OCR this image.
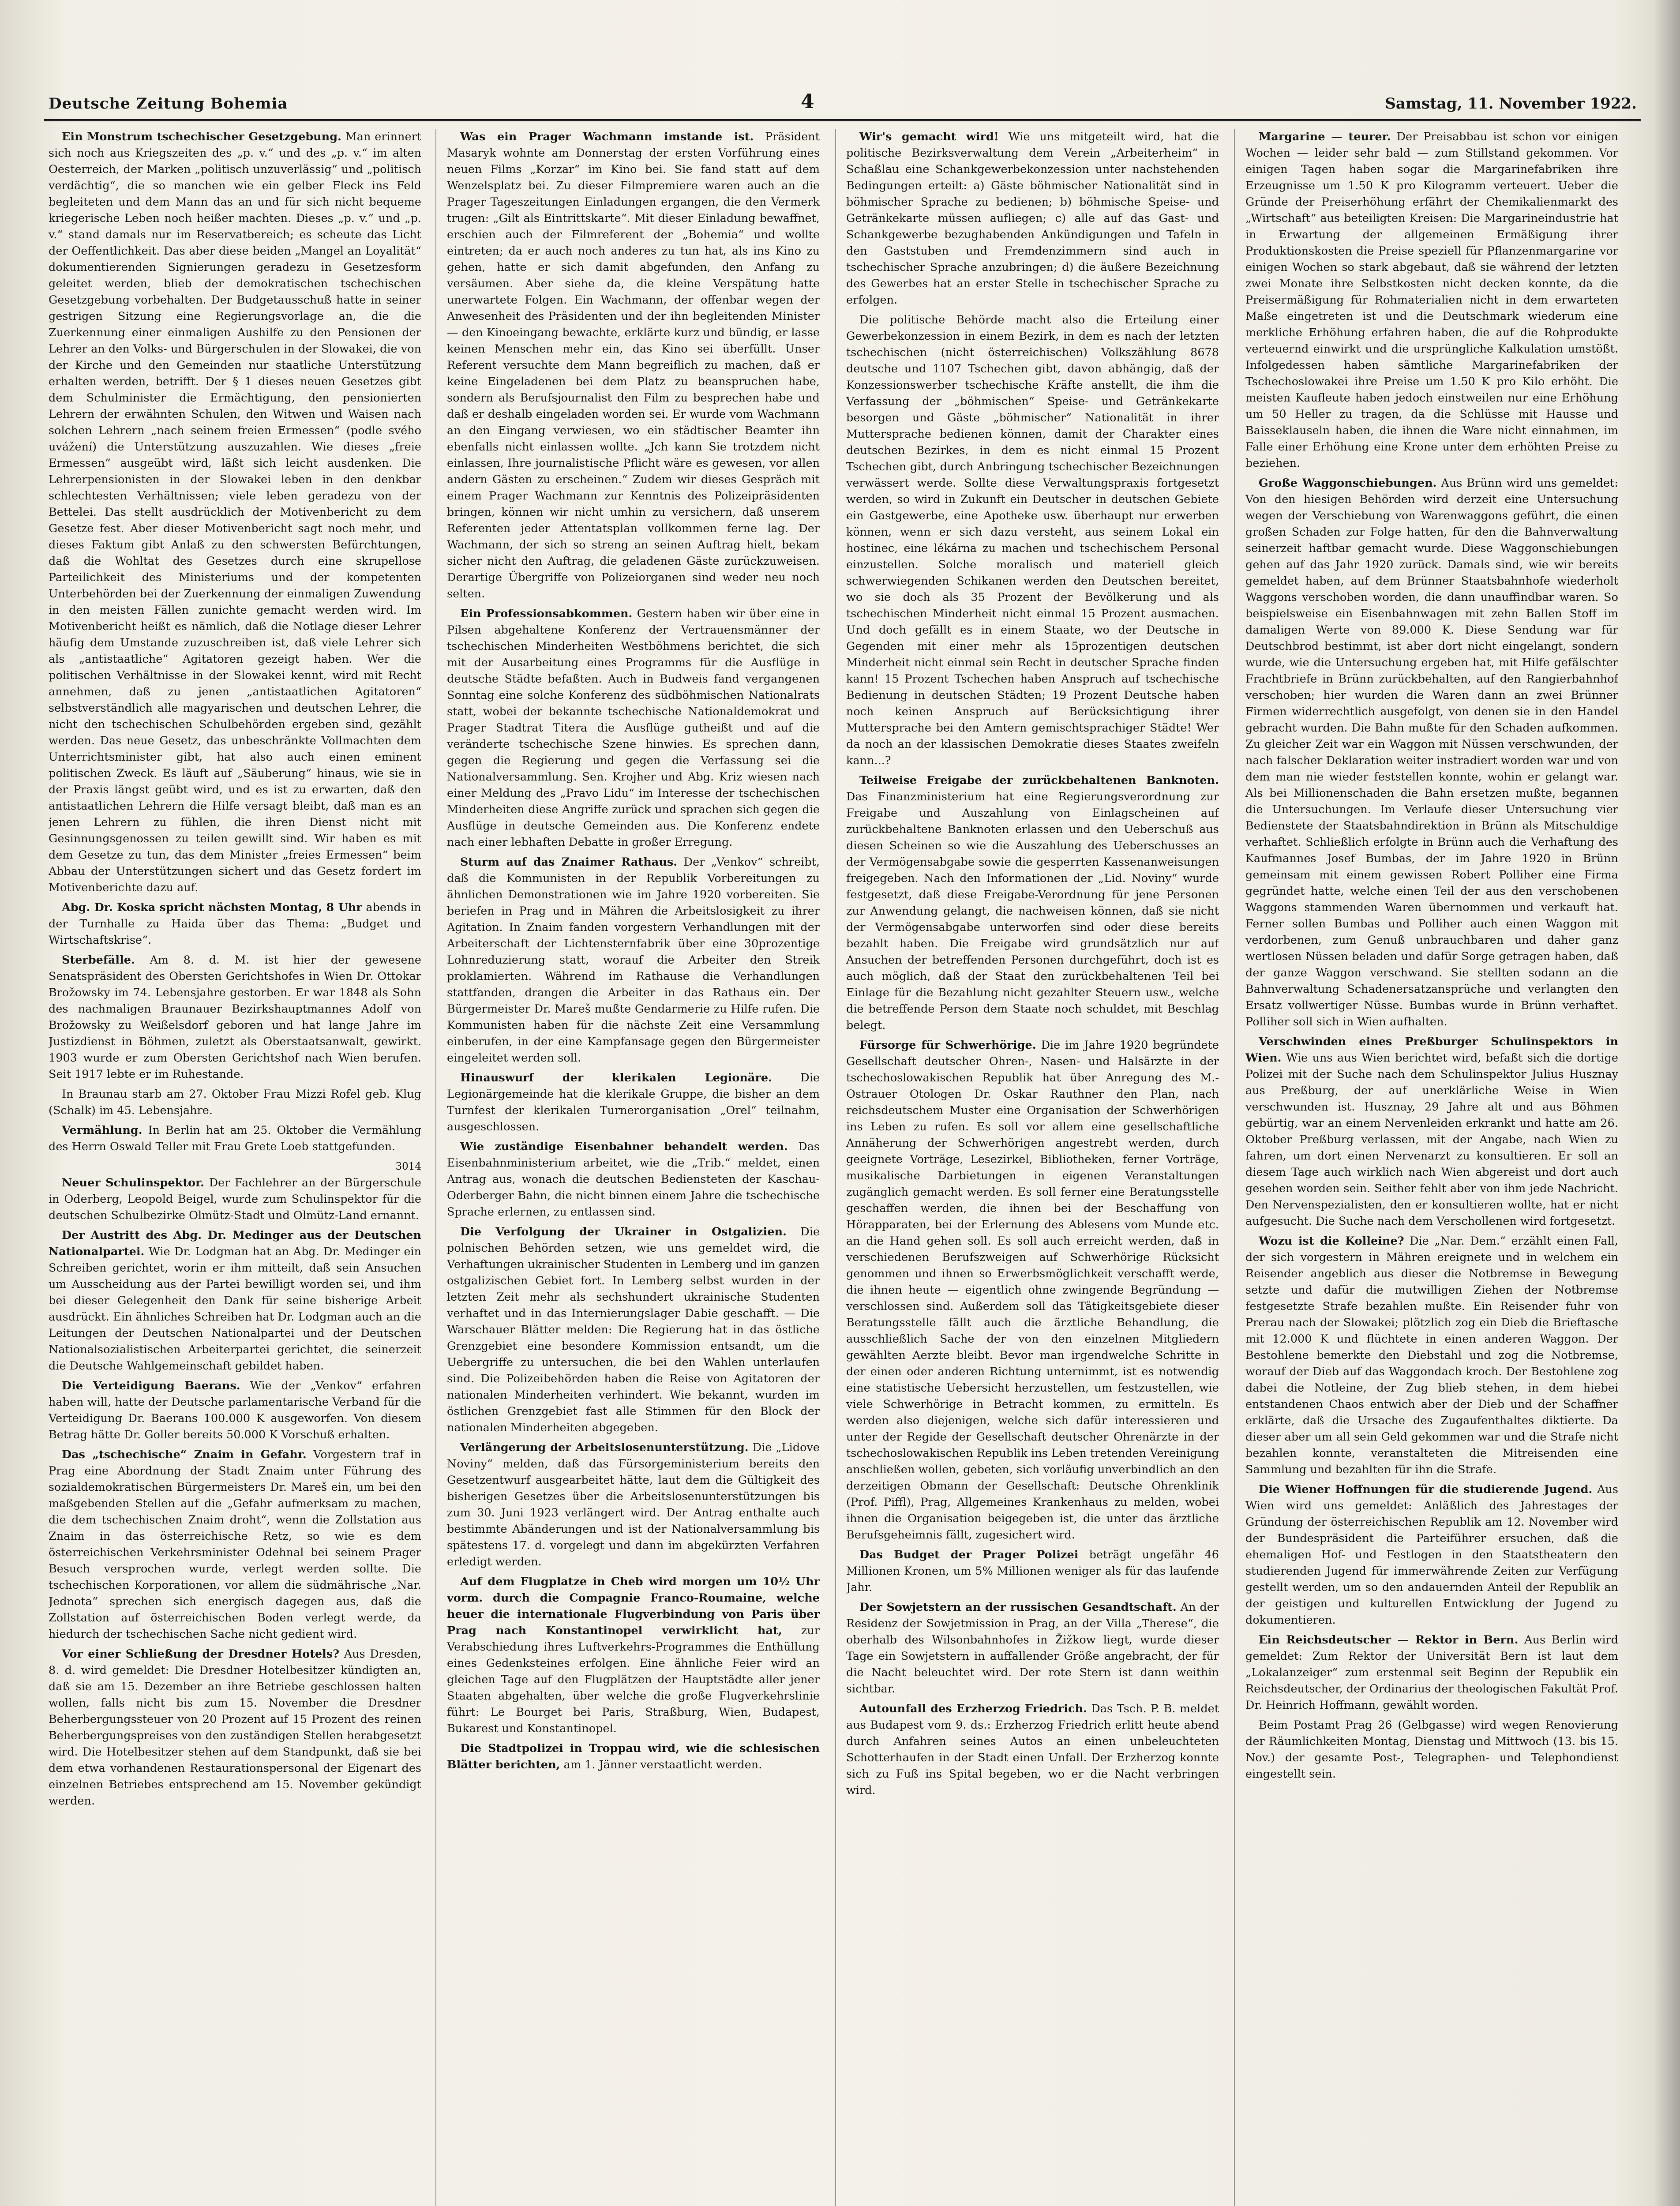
Deutsche Zeitung Bohemia	4	Samstag, 11. November 1922.

Ein Monstrum tschechischer Gesetzgebung. Man erinnert sich noch aus Kriegszeiten des „p. v.“ und des „p. v.“ im alten Oesterreich, der Marken „politisch unzuverlässig“ und „politisch verdächtig“, die so manchen wie ein gelber Fleck ins Feld begleiteten und dem Mann das an und für sich nicht bequeme kriegerische Leben noch heißer machten. Dieses „p. v.“ und „p. v.“ stand damals nur im Reservatbereich; es scheute das Licht der Oeffentlichkeit. Das aber diese beiden „Mangel an Loyalität“ dokumentierenden Signierungen geradezu in Gesetzesform geleitet werden, blieb der demokratischen tschechischen Gesetzgebung vorbehalten. Der Budgetausschuß hatte in seiner gestrigen Sitzung eine Regierungsvorlage an, die die Zuerkennung einer einmaligen Aushilfe zu den Pensionen der Lehrer an den Volks- und Bürgerschulen in der Slowakei, die von der Kirche und den Gemeinden nur staatliche Unterstützung erhalten werden, betrifft. Der § 1 dieses neuen Gesetzes gibt dem Schulminister die Ermächtigung, den pensionierten Lehrern der erwähnten Schulen, den Witwen und Waisen nach solchen Lehrern „nach seinem freien Ermessen“ (podle svého uvážení) die Unterstützung auszuzahlen. Wie dieses „freie Ermessen“ ausgeübt wird, läßt sich leicht ausdenken. Die Lehrerpensionisten in der Slowakei leben in den denkbar schlechtesten Verhältnissen; viele leben geradezu von der Bettelei. Das stellt ausdrücklich der Motivenbericht zu dem Gesetze fest. Aber dieser Motivenbericht sagt noch mehr, und dieses Faktum gibt Anlaß zu den schwersten Befürchtungen, daß die Wohltat des Gesetzes durch eine skrupellose Parteilichkeit des Ministeriums und der kompetenten Unterbehörden bei der Zuerkennung der einmaligen Zuwendung in den meisten Fällen zunichte gemacht werden wird. Im Motivenbericht heißt es nämlich, daß die Notlage dieser Lehrer häufig dem Umstande zuzuschreiben ist, daß viele Lehrer sich als „antistaatliche“ Agitatoren gezeigt haben. Wer die politischen Verhältnisse in der Slowakei kennt, wird mit Recht annehmen, daß zu jenen „antistaatlichen Agitatoren“ selbstverständlich alle magyarischen und deutschen Lehrer, die nicht den tschechischen Schulbehörden ergeben sind, gezählt werden. Das neue Gesetz, das unbeschränkte Vollmachten dem Unterrichtsminister gibt, hat also auch einen eminent politischen Zweck. Es läuft auf „Säuberung“ hinaus, wie sie in der Praxis längst geübt wird, und es ist zu erwarten, daß den antistaatlichen Lehrern die Hilfe versagt bleibt, daß man es an jenen Lehrern zu fühlen, die ihren Dienst nicht mit Gesinnungsgenossen zu teilen gewillt sind. Wir haben es mit dem Gesetze zu tun, das dem Minister „freies Ermessen“ beim Abbau der Unterstützungen sichert und das Gesetz fordert im Motivenberichte dazu auf.

Abg. Dr. Koska spricht nächsten Montag, 8 Uhr abends in der Turnhalle zu Haida über das Thema: „Budget und Wirtschaftskrise“.

Sterbefälle. Am 8. d. M. ist hier der gewesene Senatspräsident des Obersten Gerichtshofes in Wien Dr. Ottokar Brožowsky im 74. Lebensjahre gestorben. Er war 1848 als Sohn des nachmaligen Braunauer Bezirkshauptmannes Adolf von Brožowsky zu Weißelsdorf geboren und hat lange Jahre im Justizdienst in Böhmen, zuletzt als Oberstaatsanwalt, gewirkt. 1903 wurde er zum Obersten Gerichtshof nach Wien berufen. Seit 1917 lebte er im Ruhestande.

In Braunau starb am 27. Oktober Frau Mizzi Rofel geb. Klug (Schalk) im 45. Lebensjahre.

Vermählung. In Berlin hat am 25. Oktober die Vermählung des Herrn Oswald Teller mit Frau Grete Loeb stattgefunden.

3014

Neuer Schulinspektor. Der Fachlehrer an der Bürgerschule in Oderberg, Leopold Beigel, wurde zum Schulinspektor für die deutschen Schulbezirke Olmütz-Stadt und Olmütz-Land ernannt.

Der Austritt des Abg. Dr. Medinger aus der Deutschen Nationalpartei. Wie Dr. Lodgman hat an Abg. Dr. Medinger ein Schreiben gerichtet, worin er ihm mitteilt, daß sein Ansuchen um Ausscheidung aus der Partei bewilligt worden sei, und ihm bei dieser Gelegenheit den Dank für seine bisherige Arbeit ausdrückt. Ein ähnliches Schreiben hat Dr. Lodgman auch an die Leitungen der Deutschen Nationalpartei und der Deutschen Nationalsozialistischen Arbeiterpartei gerichtet, die seinerzeit die Deutsche Wahlgemeinschaft gebildet haben.

Die Verteidigung Baerans. Wie der „Venkov“ erfahren haben will, hatte der Deutsche parlamentarische Verband für die Verteidigung Dr. Baerans 100.000 K ausgeworfen. Von diesem Betrag hätte Dr. Goller bereits 50.000 K Vorschuß erhalten.

Das „tschechische“ Znaim in Gefahr. Vorgestern traf in Prag eine Abordnung der Stadt Znaim unter Führung des sozialdemokratischen Bürgermeisters Dr. Mareš ein, um bei den maßgebenden Stellen auf die „Gefahr aufmerksam zu machen, die dem tschechischen Znaim droht“, wenn die Zollstation aus Znaim in das österreichische Retz, so wie es dem österreichischen Verkehrsminister Odehnal bei seinem Prager Besuch versprochen wurde, verlegt werden sollte. Die tschechischen Korporationen, vor allem die südmährische „Nar. Jednota“ sprechen sich energisch dagegen aus, daß die Zollstation auf österreichischen Boden verlegt werde, da hiedurch der tschechischen Sache nicht gedient wird.

Vor einer Schließung der Dresdner Hotels? Aus Dresden, 8. d. wird gemeldet: Die Dresdner Hotelbesitzer kündigten an, daß sie am 15. Dezember an ihre Betriebe geschlossen halten wollen, falls nicht bis zum 15. November die Dresdner Beherbergungssteuer von 20 Prozent auf 15 Prozent des reinen Beherbergungspreises von den zuständigen Stellen herabgesetzt wird. Die Hotelbesitzer stehen auf dem Standpunkt, daß sie bei dem etwa vorhandenen Restaurationspersonal der Eigenart des einzelnen Betriebes entsprechend am 15. November gekündigt werden.

Was ein Prager Wachmann imstande ist. Präsident Masaryk wohnte am Donnerstag der ersten Vorführung eines neuen Films „Korzar“ im Kino bei. Sie fand statt auf dem Wenzelsplatz bei. Zu dieser Filmpremiere waren auch an die Prager Tageszeitungen Einladungen ergangen, die den Vermerk trugen: „Gilt als Eintrittskarte“. Mit dieser Einladung bewaffnet, erschien auch der Filmreferent der „Bohemia“ und wollte eintreten; da er auch noch anderes zu tun hat, als ins Kino zu gehen, hatte er sich damit abgefunden, den Anfang zu versäumen. Aber siehe da, die kleine Verspätung hatte unerwartete Folgen. Ein Wachmann, der offenbar wegen der Anwesenheit des Präsidenten und der ihn begleitenden Minister — den Kinoeingang bewachte, erklärte kurz und bündig, er lasse keinen Menschen mehr ein, das Kino sei überfüllt. Unser Referent versuchte dem Mann begreiflich zu machen, daß er keine Eingeladenen bei dem Platz zu beanspruchen habe, sondern als Berufsjournalist den Film zu besprechen habe und daß er deshalb eingeladen worden sei. Er wurde vom Wachmann an den Eingang verwiesen, wo ein städtischer Beamter ihn ebenfalls nicht einlassen wollte. „Jch kann Sie trotzdem nicht einlassen, Ihre journalistische Pflicht wäre es gewesen, vor allen andern Gästen zu erscheinen.“ Zudem wir dieses Gespräch mit einem Prager Wachmann zur Kenntnis des Polizeipräsidenten bringen, können wir nicht umhin zu versichern, daß unserem Referenten jeder Attentatsplan vollkommen ferne lag. Der Wachmann, der sich so streng an seinen Auftrag hielt, bekam sicher nicht den Auftrag, die geladenen Gäste zurückzuweisen. Derartige Übergriffe von Polizeiorganen sind weder neu noch selten.

Ein Professionsabkommen. Gestern haben wir über eine in Pilsen abgehaltene Konferenz der Vertrauensmänner der tschechischen Minderheiten Westböhmens berichtet, die sich mit der Ausarbeitung eines Programms für die Ausflüge in deutsche Städte befaßten. Auch in Budweis fand vergangenen Sonntag eine solche Konferenz des südböhmischen Nationalrats statt, wobei der bekannte tschechische Nationaldemokrat und Prager Stadtrat Titera die Ausflüge gutheißt und auf die veränderte tschechische Szene hinwies. Es sprechen dann, gegen die Regierung und gegen die Verfassung sei die Nationalversammlung. Sen. Krojher und Abg. Kriz wiesen nach einer Meldung des „Pravo Lidu“ im Interesse der tschechischen Minderheiten diese Angriffe zurück und sprachen sich gegen die Ausflüge in deutsche Gemeinden aus. Die Konferenz endete nach einer lebhaften Debatte in großer Erregung.

Sturm auf das Znaimer Rathaus. Der „Venkov“ schreibt, daß die Kommunisten in der Republik Vorbereitungen zu ähnlichen Demonstrationen wie im Jahre 1920 vorbereiten. Sie beriefen in Prag und in Mähren die Arbeitslosigkeit zu ihrer Agitation. In Znaim fanden vorgestern Verhandlungen mit der Arbeiterschaft der Lichtensternfabrik über eine 30prozentige Lohnreduzierung statt, worauf die Arbeiter den Streik proklamierten. Während im Rathause die Verhandlungen stattfanden, drangen die Arbeiter in das Rathaus ein. Der Bürgermeister Dr. Mareš mußte Gendarmerie zu Hilfe rufen. Die Kommunisten haben für die nächste Zeit eine Versammlung einberufen, in der eine Kampfansage gegen den Bürgermeister eingeleitet werden soll.

Hinauswurf der klerikalen Legionäre.	Die Legionärgemeinde hat die klerikale Gruppe, die bisher an dem Turnfest der klerikalen Turnerorganisation „Orel“ teilnahm, ausgeschlossen.

Wie zuständige Eisenbahner behandelt werden. Das Eisenbahnministerium arbeitet, wie die „Trib.“ meldet, einen Antrag aus, wonach die deutschen Bediensteten der Kaschau-Oderberger Bahn, die nicht binnen einem Jahre die tschechische Sprache erlernen, zu entlassen sind.

Die Verfolgung der Ukrainer in Ostgalizien. Die polnischen Behörden setzen, wie uns gemeldet wird, die Verhaftungen ukrainischer Studenten in Lemberg und im ganzen ostgalizischen Gebiet fort. In Lemberg selbst wurden in der letzten Zeit mehr als sechshundert ukrainische Studenten verhaftet und in das Internierungslager Dabie geschafft. — Die Warschauer Blätter melden: Die Regierung hat in das östliche Grenzgebiet eine besondere Kommission entsandt, um die Uebergriffe zu untersuchen, die bei den Wahlen unterlaufen sind. Die Polizeibehörden haben die Reise von Agitatoren der nationalen Minderheiten verhindert. Wie bekannt, wurden im östlichen Grenzgebiet fast alle Stimmen für den Block der nationalen Minderheiten abgegeben.

Verlängerung der Arbeitslosenunterstützung. Die „Lidove Noviny“ melden, daß das Fürsorgeministerium bereits den Gesetzentwurf ausgearbeitet hätte, laut dem die Gültigkeit des bisherigen Gesetzes über die Arbeitslosenunterstützungen bis zum 30. Juni 1923 verlängert wird. Der Antrag enthalte auch bestimmte Abänderungen und ist der Nationalversammlung bis spätestens 17. d. vorgelegt und dann im abgekürzten Verfahren erledigt werden.

Auf dem Flugplatze in Cheb wird morgen um 10½ Uhr vorm. durch die Compagnie Franco-Roumaine, welche heuer die internationale Flugverbindung von Paris über Prag nach Konstantinopel verwirklicht hat, zur Verabschiedung ihres Luftverkehrs-Programmes die Enthüllung eines Gedenksteines erfolgen. Eine ähnliche Feier wird an gleichen Tage auf den Flugplätzen der Hauptstädte aller jener Staaten abgehalten, über welche die große Flugverkehrslinie führt: Le Bourget bei Paris, Straßburg, Wien, Budapest, Bukarest und Konstantinopel.

Die Stadtpolizei in Troppau wird, wie die schlesischen Blätter berichten, am 1. Jänner verstaatlicht werden.

Wir's gemacht wird! Wie uns mitgeteilt wird, hat die politische Bezirksverwaltung dem Verein „Arbeiterheim“ in Schaßlau eine Schankgewerbekonzession unter nachstehenden Bedingungen erteilt: a) Gäste böhmischer Nationalität sind in böhmischer Sprache zu bedienen; b) böhmische Speise- und Getränkekarte müssen aufliegen; c) alle auf das Gast- und Schankgewerbe bezughabenden Ankündigungen und Tafeln in den Gaststuben und Fremdenzimmern sind auch in tschechischer Sprache anzubringen; d) die äußere Bezeichnung des Gewerbes hat an erster Stelle in tschechischer Sprache zu erfolgen.

Die politische Behörde macht also die Erteilung einer Gewerbekonzession in einem Bezirk, in dem es nach der letzten tschechischen (nicht österreichischen) Volkszählung 8678 deutsche und 1107 Tschechen gibt, davon abhängig, daß der Konzessionswerber tschechische Kräfte anstellt, die ihm die Verfassung der „böhmischen“ Speise- und Getränkekarte besorgen und Gäste „böhmischer“ Nationalität in ihrer Muttersprache bedienen können, damit der Charakter eines deutschen Bezirkes, in dem es nicht einmal 15 Prozent Tschechen gibt, durch Anbringung tschechischer Bezeichnungen verwässert werde. Sollte diese Verwaltungspraxis fortgesetzt werden, so wird in Zukunft ein Deutscher in deutschen Gebiete ein Gastgewerbe, eine Apotheke usw. überhaupt nur erwerben können, wenn er sich dazu versteht, aus seinem Lokal ein hostinec, eine lékárna zu machen und tschechischem Personal einzustellen. Solche moralisch und materiell gleich schwerwiegenden Schikanen werden den Deutschen bereitet, wo sie doch als 35 Prozent der Bevölkerung und als tschechischen Minderheit nicht einmal 15 Prozent ausmachen. Und doch gefällt es in einem Staate, wo der Deutsche in Gegenden mit einer mehr als 15prozentigen deutschen Minderheit nicht einmal sein Recht in deutscher Sprache finden kann! 15 Prozent Tschechen haben Anspruch auf tschechische Bedienung in deutschen Städten; 19 Prozent Deutsche haben noch keinen Anspruch auf Berücksichtigung ihrer Muttersprache bei den Amtern gemischtsprachiger Städte! Wer da noch an der klassischen Demokratie dieses Staates zweifeln kann...?

Teilweise Freigabe der zurückbehaltenen Banknoten. Das Finanzministerium hat eine Regierungsverordnung zur Freigabe und Auszahlung von Einlagscheinen auf zurückbehaltene Banknoten erlassen und den Ueberschuß aus diesen Scheinen so wie die Auszahlung des Ueberschusses an der Vermögensabgabe sowie die gesperrten Kassenanweisungen freigegeben. Nach den Informationen der „Lid. Noviny“ wurde festgesetzt, daß diese Freigabe-Verordnung für jene Personen zur Anwendung gelangt, die nachweisen können, daß sie nicht der Vermögensabgabe unterworfen sind oder diese bereits bezahlt haben. Die Freigabe wird grundsätzlich nur auf Ansuchen der betreffenden Personen durchgeführt, doch ist es auch möglich, daß der Staat den zurückbehaltenen Teil bei Einlage für die Bezahlung nicht gezahlter Steuern usw., welche die betreffende Person dem Staate noch schuldet, mit Beschlag belegt.

Fürsorge für Schwerhörige. Die im Jahre 1920 begründete Gesellschaft deutscher Ohren-, Nasen- und Halsärzte in der tschechoslowakischen Republik hat über Anregung des M.-Ostrauer Otologen Dr. Oskar Rauthner den Plan, nach reichsdeutschem Muster eine Organisation der Schwerhörigen ins Leben zu rufen. Es soll vor allem eine gesellschaftliche Annäherung der Schwerhörigen angestrebt werden, durch geeignete Vorträge, Lesezirkel, Bibliotheken, ferner Vorträge, musikalische Darbietungen in eigenen Veranstaltungen zugänglich gemacht werden. Es soll ferner eine Beratungsstelle geschaffen werden, die ihnen bei der Beschaffung von Hörapparaten, bei der Erlernung des Ablesens vom Munde etc. an die Hand gehen soll. Es soll auch erreicht werden, daß in verschiedenen Berufszweigen auf Schwerhörige Rücksicht genommen und ihnen so Erwerbsmöglichkeit verschafft werde, die ihnen heute — eigentlich ohne zwingende Begründung — verschlossen sind. Außerdem soll das Tätigkeitsgebiete dieser Beratungsstelle fällt auch die ärztliche Behandlung, die ausschließlich Sache der von den einzelnen Mitgliedern gewählten Aerzte bleibt. Bevor man irgendwelche Schritte in der einen oder anderen Richtung unternimmt, ist es notwendig eine statistische Uebersicht herzustellen, um festzustellen, wie viele Schwerhörige in Betracht kommen, zu ermitteln. Es werden also diejenigen, welche sich dafür interessieren und unter der Regide der Gesellschaft deutscher Ohrenärzte in der tschechoslowakischen Republik ins Leben tretenden Vereinigung anschließen wollen, gebeten, sich vorläufig unverbindlich an den derzeitigen Obmann der Gesellschaft: Deutsche Ohrenklinik (Prof. Piffl), Prag, Allgemeines Krankenhaus zu melden, wobei ihnen die Organisation beigegeben ist, die unter das ärztliche Berufsgeheimnis fällt, zugesichert wird.

Das Budget der Prager Polizei beträgt ungefähr 46 Millionen Kronen, um 5% Millionen weniger als für das laufende Jahr.

Der Sowjetstern an der russischen Gesandtschaft. An der Residenz der Sowjetmission in Prag, an der Villa „Therese“, die oberhalb des Wilsonbahnhofes in Žižkow liegt, wurde dieser Tage ein Sowjetstern in auffallender Größe angebracht, der für die Nacht beleuchtet wird. Der rote Stern ist dann weithin sichtbar.

Autounfall des Erzherzog Friedrich. Das Tsch. P. B. meldet aus Budapest vom 9. ds.: Erzherzog Friedrich erlitt heute abend durch Anfahren seines Autos an einen unbeleuchteten Schotterhaufen in der Stadt einen Unfall. Der Erzherzog konnte sich zu Fuß ins Spital begeben, wo er die Nacht verbringen wird.

Margarine — teurer. Der Preisabbau ist schon vor einigen Wochen — leider sehr bald — zum Stillstand gekommen. Vor einigen Tagen haben sogar die Margarinefabriken ihre Erzeugnisse um 1.50 K pro Kilogramm verteuert. Ueber die Gründe der Preiserhöhung erfährt der Chemikalienmarkt des „Wirtschaft“ aus beteiligten Kreisen: Die Margarineindustrie hat in Erwartung der allgemeinen Ermäßigung ihrer Produktionskosten die Preise speziell für Pflanzenmargarine vor einigen Wochen so stark abgebaut, daß sie während der letzten zwei Monate ihre Selbstkosten nicht decken konnte, da die Preisermäßigung für Rohmaterialien nicht in dem erwarteten Maße eingetreten ist und die Deutschmark wiederum eine merkliche Erhöhung erfahren haben, die auf die Rohprodukte verteuernd einwirkt und die ursprüngliche Kalkulation umstößt. Infolgedessen haben sämtliche Margarinefabriken der Tschechoslowakei ihre Preise um 1.50 K pro Kilo erhöht. Die meisten Kaufleute haben jedoch einstweilen nur eine Erhöhung um 50 Heller zu tragen, da die Schlüsse mit Hausse und Baisseklauseln haben, die ihnen die Ware nicht einnahmen, im Falle einer Erhöhung eine Krone unter dem erhöhten Preise zu beziehen.

Große Waggonschiebungen. Aus Brünn wird uns gemeldet: Von den hiesigen Behörden wird derzeit eine Untersuchung wegen der Verschiebung von Warenwaggons geführt, die einen großen Schaden zur Folge hatten, für den die Bahnverwaltung seinerzeit haftbar gemacht wurde. Diese Waggonschiebungen gehen auf das Jahr 1920 zurück. Damals sind, wie wir bereits gemeldet haben, auf dem Brünner Staatsbahnhofe wiederholt Waggons verschoben worden, die dann unauffindbar waren. So beispielsweise ein Eisenbahnwagen mit zehn Ballen Stoff im damaligen Werte von 89.000 K. Diese Sendung war für Deutschbrod bestimmt, ist aber dort nicht eingelangt, sondern wurde, wie die Untersuchung ergeben hat, mit Hilfe gefälschter Frachtbriefe in Brünn zurückbehalten, auf den Rangierbahnhof verschoben; hier wurden die Waren dann an zwei Brünner Firmen widerrechtlich ausgefolgt, von denen sie in den Handel gebracht wurden. Die Bahn mußte für den Schaden aufkommen. Zu gleicher Zeit war ein Waggon mit Nüssen verschwunden, der nach falscher Deklaration weiter instradiert worden war und von dem man nie wieder feststellen konnte, wohin er gelangt war. Als bei Millionenschaden die Bahn ersetzen mußte, begannen die Untersuchungen. Im Verlaufe dieser Untersuchung vier Bedienstete der Staatsbahndirektion in Brünn als Mitschuldige verhaftet. Schließlich erfolgte in Brünn auch die Verhaftung des Kaufmannes Josef Bumbas, der im Jahre 1920 in Brünn gemeinsam mit einem gewissen Robert Polliher eine Firma gegründet hatte, welche einen Teil der aus den verschobenen Waggons stammenden Waren übernommen und verkauft hat. Ferner sollen Bumbas und Polliher auch einen Waggon mit verdorbenen, zum Genuß unbrauchbaren und daher ganz wertlosen Nüssen beladen und dafür Sorge getragen haben, daß der ganze Waggon verschwand. Sie stellten sodann an die Bahnverwaltung Schadenersatzansprüche und verlangten den Ersatz vollwertiger Nüsse. Bumbas wurde in Brünn verhaftet. Polliher soll sich in Wien aufhalten.

Verschwinden eines Preßburger Schulinspektors in Wien. Wie uns aus Wien berichtet wird, befaßt sich die dortige Polizei mit der Suche nach dem Schulinspektor Julius Husznay aus Preßburg, der auf unerklärliche Weise in Wien verschwunden ist. Husznay, 29 Jahre alt und aus Böhmen gebürtig, war an einem Nervenleiden erkrankt und hatte am 26. Oktober Preßburg verlassen, mit der Angabe, nach Wien zu fahren, um dort einen Nervenarzt zu konsultieren. Er soll an diesem Tage auch wirklich nach Wien abgereist und dort auch gesehen worden sein. Seither fehlt aber von ihm jede Nachricht. Den Nervenspezialisten, den er konsultieren wollte, hat er nicht aufgesucht. Die Suche nach dem Verschollenen wird fortgesetzt.

Wozu ist die Kolleine? Die „Nar. Dem.“ erzählt einen Fall, der sich vorgestern in Mähren ereignete und in welchem ein Reisender angeblich aus dieser die Notbremse in Bewegung setzte und dafür die mutwilligen Ziehen der Notbremse festgesetzte Strafe bezahlen mußte. Ein Reisender fuhr von Prerau nach der Slowakei; plötzlich zog ein Dieb die Brieftasche mit 12.000 K und flüchtete in einen anderen Waggon. Der Bestohlene bemerkte den Diebstahl und zog die Notbremse, worauf der Dieb auf das Waggondach kroch. Der Bestohlene zog dabei die Notleine, der Zug blieb stehen, in dem hiebei entstandenen Chaos entwich aber der Dieb und der Schaffner erklärte, daß die Ursache des Zugaufenthaltes diktierte. Da dieser aber um all sein Geld gekommen war und die Strafe nicht bezahlen konnte, veranstalteten die Mitreisenden eine Sammlung und bezahlten für ihn die Strafe.

Die Wiener Hoffnungen für die studierende Jugend. Aus Wien wird uns gemeldet: Anläßlich des Jahrestages der Gründung der österreichischen Republik am 12. November wird der Bundespräsident die Parteiführer ersuchen, daß die ehemaligen Hof- und Festlogen in den Staatstheatern den studierenden Jugend für immerwährende Zeiten zur Verfügung gestellt werden, um so den andauernden Anteil der Republik an der geistigen und kulturellen Entwicklung der Jugend zu dokumentieren.

Ein Reichsdeutscher — Rektor in Bern. Aus Berlin wird gemeldet: Zum Rektor der Universität Bern ist laut dem „Lokalanzeiger“ zum erstenmal seit Beginn der Republik ein Reichsdeutscher, der Ordinarius der theologischen Fakultät Prof. Dr. Heinrich Hoffmann, gewählt worden.

Beim Postamt Prag 26 (Gelbgasse) wird wegen Renovierung der Räumlichkeiten Montag, Dienstag und Mittwoch (13. bis 15. Nov.) der gesamte Post-, Telegraphen- und Telephondienst eingestellt sein.
